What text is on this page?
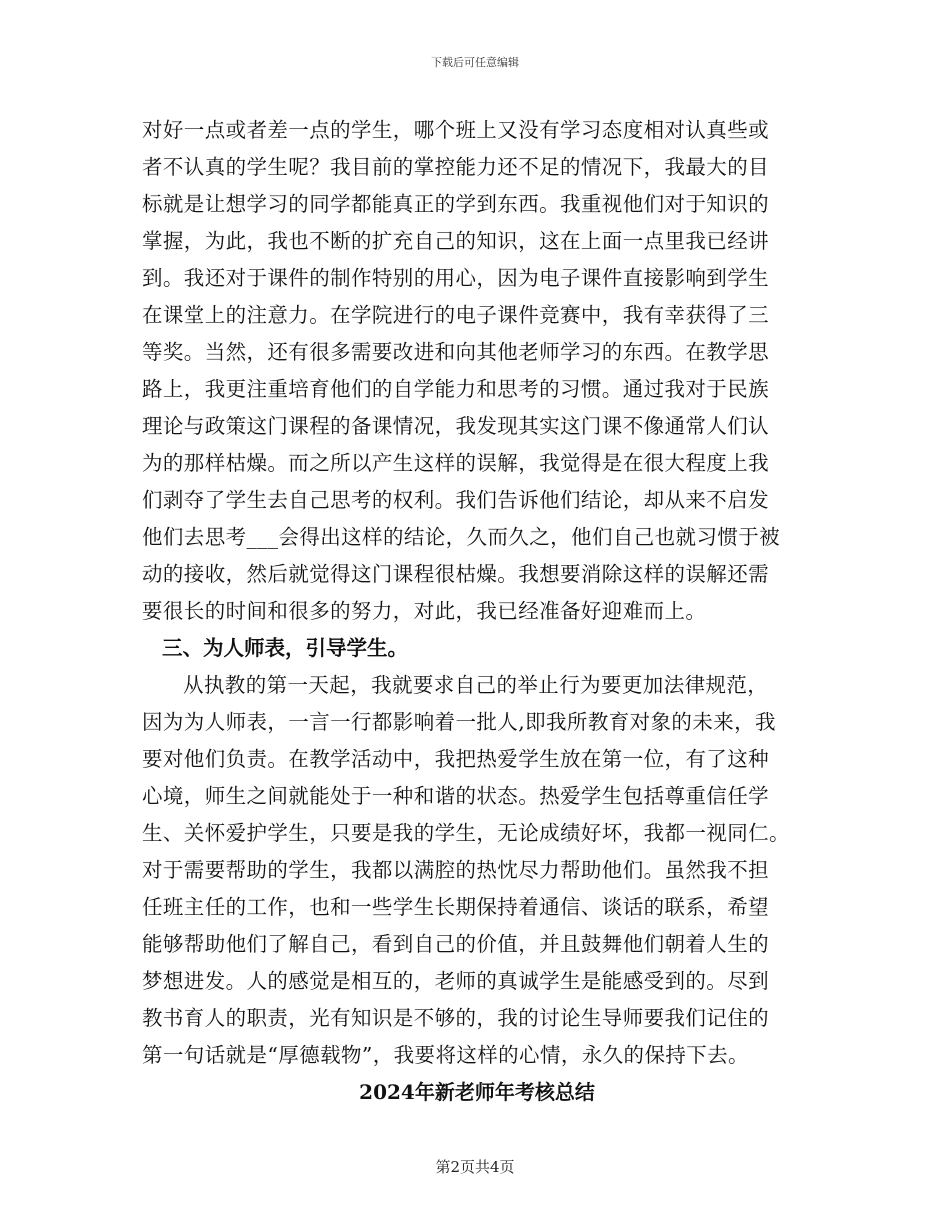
下载后可任意编辑
对好一点或者差一点的学生，哪个班上又没有学习态度相对认真些或
者不认真的学生呢？我目前的掌控能力还不足的情况下，我最大的目
标就是让想学习的同学都能真正的学到东西。我重视他们对于知识的
掌握，为此，我也不断的扩充自己的知识，这在上面一点里我已经讲
到。我还对于课件的制作特别的用心，因为电子课件直接影响到学生
在课堂上的注意力。在学院进行的电子课件竞赛中，我有幸获得了三
等奖。当然，还有很多需要改进和向其他老师学习的东西。在教学思
路上，我更注重培育他们的自学能力和思考的习惯。通过我对于民族
理论与政策这门课程的备课情况，我发现其实这门课不像通常人们认
为的那样枯燥。而之所以产生这样的误解，我觉得是在很大程度上我
们剥夺了学生去自己思考的权利。我们告诉他们结论，却从来不启发
他们去思考___会得出这样的结论，久而久之，他们自己也就习惯于被
动的接收，然后就觉得这门课程很枯燥。我想要消除这样的误解还需
要很长的时间和很多的努力，对此，我已经准备好迎难而上。
三、为人师表，引导学生。
从执教的第一天起，我就要求自己的举止行为要更加法律规范，
因为为人师表，一言一行都影响着一批人,即我所教育对象的未来，我
要对他们负责。在教学活动中，我把热爱学生放在第一位，有了这种
心境，师生之间就能处于一种和谐的状态。热爱学生包括尊重信任学
生、关怀爱护学生，只要是我的学生，无论成绩好坏，我都一视同仁。
对于需要帮助的学生，我都以满腔的热忱尽力帮助他们。虽然我不担
任班主任的工作，也和一些学生长期保持着通信、谈话的联系，希望
能够帮助他们了解自己，看到自己的价值，并且鼓舞他们朝着人生的
梦想进发。人的感觉是相互的，老师的真诚学生是能感受到的。尽到
教书育人的职责，光有知识是不够的，我的讨论生导师要我们记住的
第一句话就是“厚德载物”，我要将这样的心情，永久的保持下去。
2024年新老师年考核总结
第2页共4页
